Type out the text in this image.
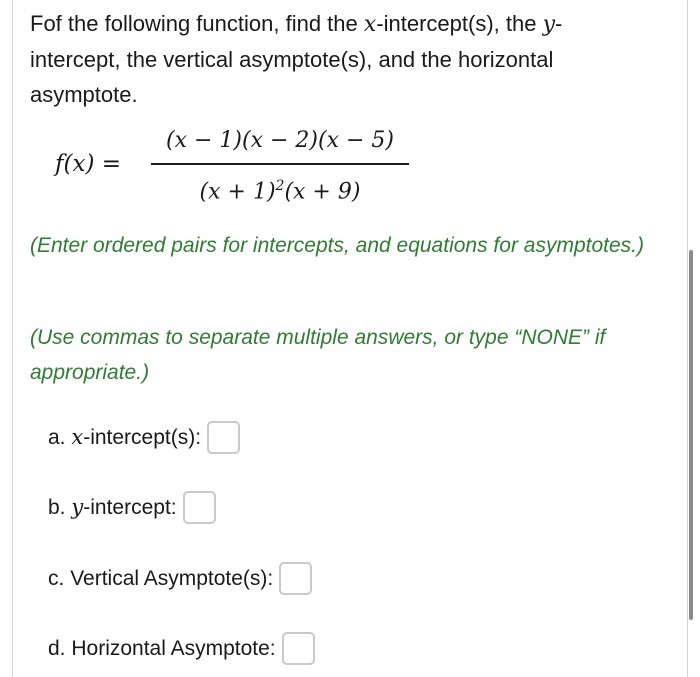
Fof the following function, find the x-intercept(s), the y-intercept, the vertical asymptote(s), and the horizontal asymptote.

f(x) =
(x − 1)(x − 2)(x − 5)
$(x + 1)^2(x + 9)$

(Enter ordered pairs for intercepts, and equations for asymptotes.)

(Use commas to separate multiple answers, or type “NONE” if appropriate.)

a. x-intercept(s):
b. y-intercept:
c. Vertical Asymptote(s):
d. Horizontal Asymptote:
